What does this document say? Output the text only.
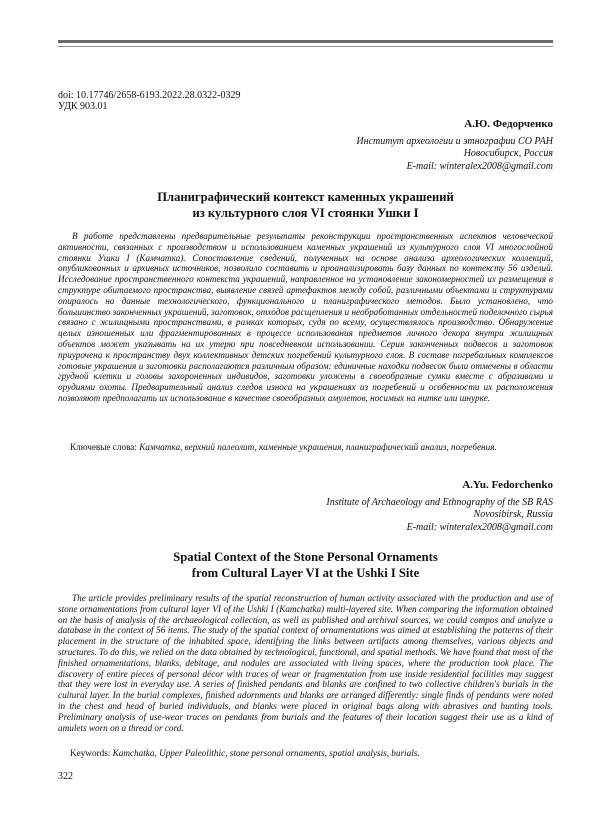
doi: 10.17746/2658-6193.2022.28.0322-0329
УДК 903.01
А.Ю. Федорченко
Институт археологии и этнографии СО РАН
Новосибирск, Россия
E-mail: winteralex2008@gmail.com
Планиграфический контекст каменных украшений
из культурного слоя VI стоянки Ушки I

В работе представлены предварительные результаты реконструкции пространственных аспектов человеческой активности, связанных с производством и использованием каменных украшений из культурного слоя VI многослойной стоянки Ушки I (Камчатка). Сопоставление сведений, полученных на основе анализа археологических коллекций, опубликованных и архивных источников, позволило составить и проанализировать базу данных по контексту 56 изделий. Исследование пространственного контекста украшений, направленное на установление закономерностей их размещения в структуре обитаемого пространства, выявление связей артефактов между собой, различными объектами и структурами опиралось на данные технологического, функционального и планиграфического методов. Было установлено, что большинство законченных украшений, заготовок, отходов расщепления и необработанных отдельностей поделочного сырья связано с жилищными пространствами, в рамках которых, судя по всему, осуществлялось производство. Обнаружение целых изношенных или фрагментированных в процессе использования предметов личного декора внутри жилищных объектов может указывать на их утерю при повседневном использовании. Серия законченных подвесок и заготовок приурочена к пространству двух коллективных детских погребений культурного слоя. В составе погребальных комплексов готовые украшения и заготовки располагаются различным образом: единичные находки подвесок были отмечены в области грудной клетки и головы захороненных индивидов, заготовки уложены в своеобразные сумки вместе с абразивами и орудиями охоты. Предварительный анализ следов износа на украшениях из погребений и особенности их расположения позволяют предполагать их использование в качестве своеобразных амулетов, носимых на нитке или шнурке.

Ключевые слова: Камчатка, верхний палеолит, каменные украшения, планиграфический анализ, погребения.
A.Yu. Fedorchenko
Institute of Archaeology and Ethnography of the SB RAS
Novosibirsk, Russia
E-mail: winteralex2008@gmail.com
Spatial Context of the Stone Personal Ornaments
from Cultural Layer VI at the Ushki I Site

The article provides preliminary results of the spatial reconstruction of human activity associated with the production and use of stone ornamentations from cultural layer VI of the Ushki I (Kamchatka) multi-layered site. When comparing the information obtained on the basis of analysis of the archaeological collection, as well as published and archival sources, we could compos and analyze a database in the context of 56 items. The study of the spatial context of ornamentations was aimed at establishing the patterns of their placement in the structure of the inhabited space, identifying the links between artifacts among themselves, various objects and structures. To do this, we relied on the data obtained by technological, functional, and spatial methods. We have found that most of the finished ornamentations, blanks, debitage, and nodules are associated with living spaces, where the production took place. The discovery of entire pieces of personal décor with traces of wear or fragmentation from use inside residential facilities may suggest that they were lost in everyday use. A series of finished pendants and blanks are confined to two collective children's burials in the cultural layer. In the burial complexes, finished adornments and blanks are arranged differently: single finds of pendants were noted in the chest and head of buried individuals, and blanks were placed in original bags along with abrasives and hunting tools. Preliminary analysis of use-wear traces on pendants from burials and the features of their location suggest their use as a kind of amulets worn on a thread or cord.

Keywords: Kamchatka, Upper Paleolithic, stone personal ornaments, spatial analysis, burials.
322
